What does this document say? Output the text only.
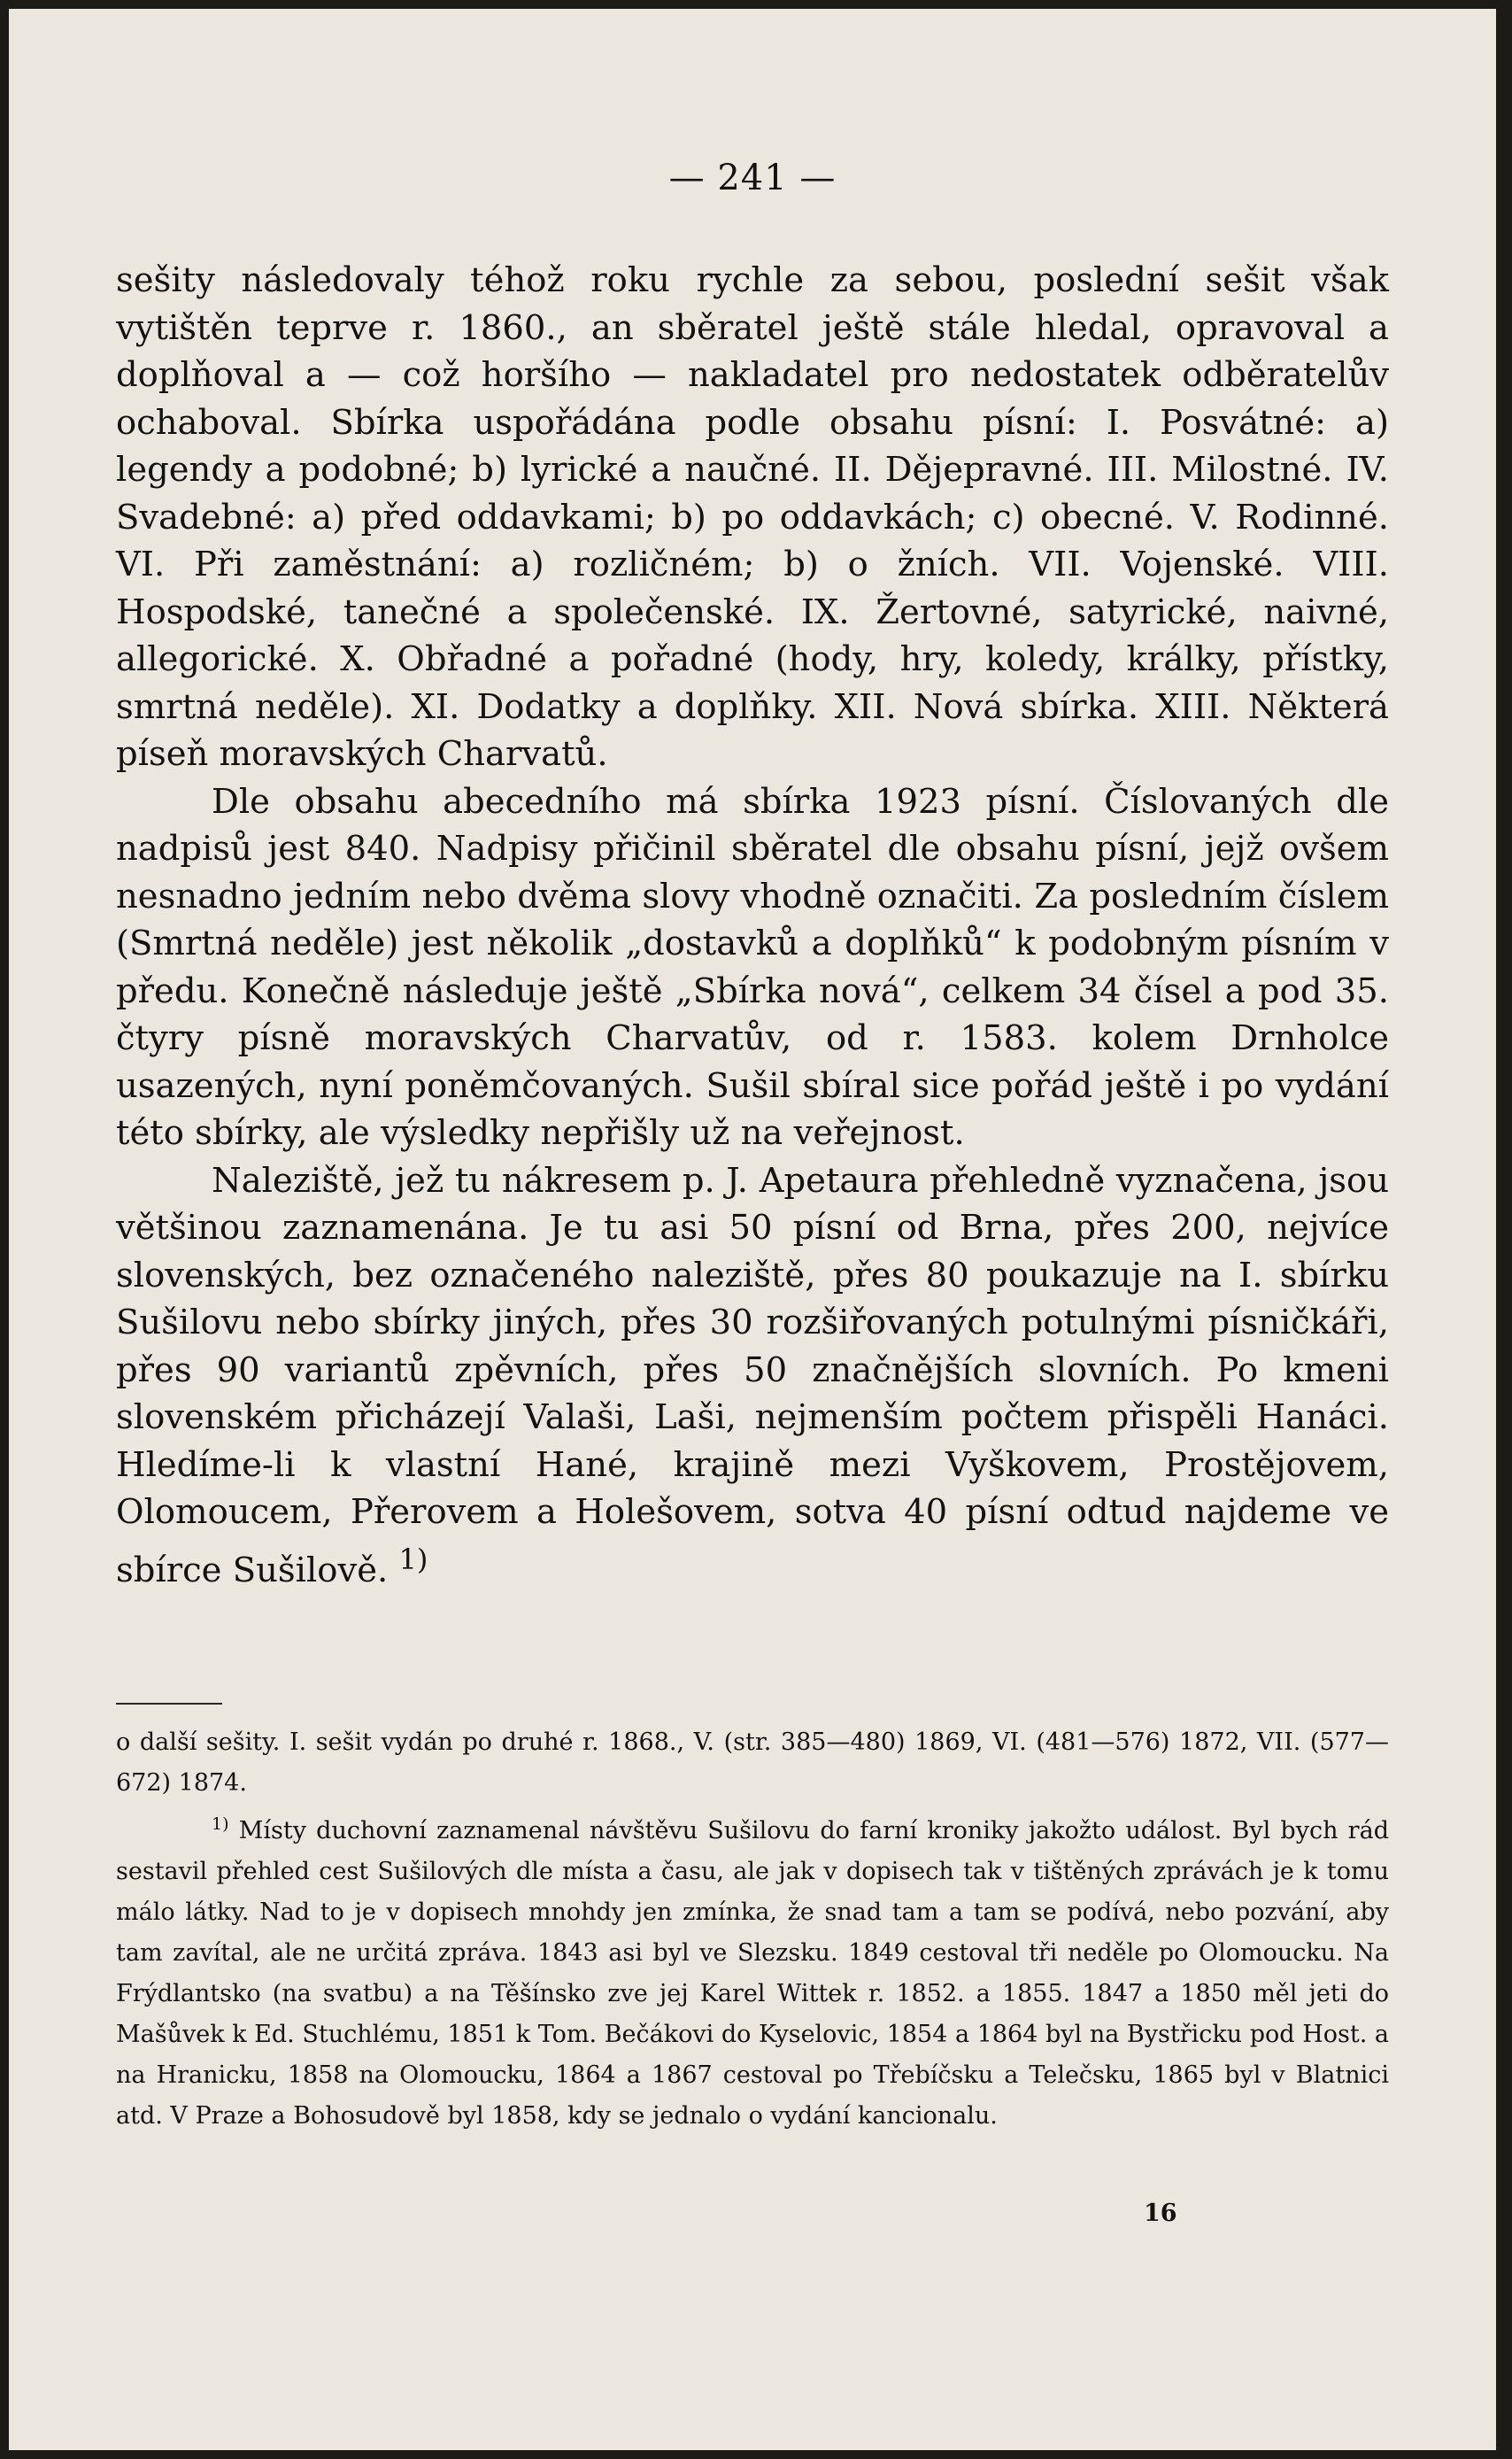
— 241 —

sešity následovaly téhož roku rychle za sebou, poslední sešit však vytištěn teprve r. 1860., an sběratel ještě stále hledal, opravoval a doplňoval a — což horšího — nakladatel pro nedostatek odběratelův ochaboval. Sbírka uspořádána podle obsahu písní: I. Posvátné: a) legendy a podobné; b) lyrické a naučné. II. Dějepravné. III. Milostné. IV. Svadebné: a) před oddavkami; b) po oddavkách; c) obecné. V. Rodinné. VI. Při zaměstnání: a) rozličném; b) o žních. VII. Vojenské. VIII. Hospodské, tanečné a společenské. IX. Žertovné, satyrické, naivné, allegorické. X. Obřadné a pořadné (hody, hry, koledy, králky, přístky, smrtná neděle). XI. Dodatky a doplňky. XII. Nová sbírka. XIII. Některá píseň moravských Charvatů.

Dle obsahu abecedního má sbírka 1923 písní. Číslovaných dle nadpisů jest 840. Nadpisy přičinil sběratel dle obsahu písní, jejž ovšem nesnadno jedním nebo dvěma slovy vhodně označiti. Za posledním číslem (Smrtná neděle) jest několik „dostavků a doplňků“ k podobným písním v předu. Konečně následuje ještě „Sbírka nová“, celkem 34 čísel a pod 35. čtyry písně moravských Charvatův, od r. 1583. kolem Drnholce usazených, nyní poněmčovaných. Sušil sbíral sice pořád ještě i po vydání této sbírky, ale výsledky nepřišly už na veřejnost.

Naleziště, jež tu nákresem p. J. Apetaura přehledně vyznačena, jsou většinou zaznamenána. Je tu asi 50 písní od Brna, přes 200, nejvíce slovenských, bez označeného naleziště, přes 80 poukazuje na I. sbírku Sušilovu nebo sbírky jiných, přes 30 rozšiřovaných potulnými písničkáři, přes 90 variantů zpěvních, přes 50 značnějších slovních. Po kmeni slovenském přicházejí Valaši, Laši, nejmenším počtem přispěli Hanáci. Hledíme-li k vlastní Hané, krajině mezi Vyškovem, Prostějovem, Olomoucem, Přerovem a Holešovem, sotva 40 písní odtud najdeme ve sbírce Sušilově. $^{1)}$

o další sešity. I. sešit vydán po druhé r. 1868., V. (str. 385—480) 1869, VI. (481—576) 1872, VII. (577—672) 1874.

$^{1)}$ Místy duchovní zaznamenal návštěvu Sušilovu do farní kroniky jakožto událost. Byl bych rád sestavil přehled cest Sušilových dle místa a času, ale jak v dopisech tak v tištěných zprávách je k tomu málo látky. Nad to je v dopisech mnohdy jen zmínka, že snad tam a tam se podívá, nebo pozvání, aby tam zavítal, ale ne určitá zpráva. 1843 asi byl ve Slezsku. 1849 cestoval tři neděle po Olomoucku. Na Frýdlantsko (na svatbu) a na Těšínsko zve jej Karel Wittek r. 1852. a 1855. 1847 a 1850 měl jeti do Mašůvek k Ed. Stuchlému, 1851 k Tom. Bečákovi do Kyselovic, 1854 a 1864 byl na Bystřicku pod Host. a na Hranicku, 1858 na Olomoucku, 1864 a 1867 cestoval po Třebíčsku a Telečsku, 1865 byl v Blatnici atd. V Praze a Bohosudově byl 1858, kdy se jednalo o vydání kancionalu.

16
